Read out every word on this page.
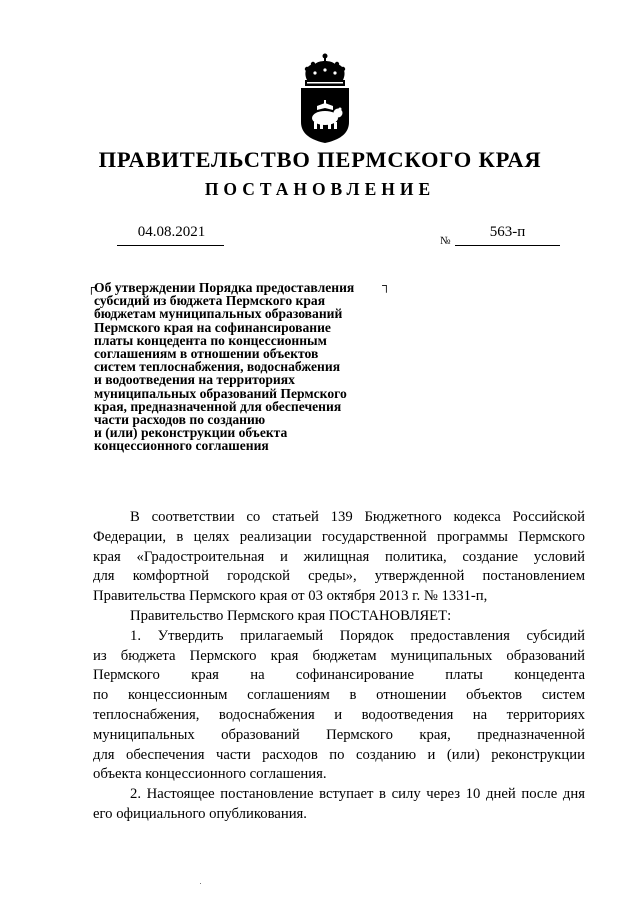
ПРАВИТЕЛЬСТВО ПЕРМСКОГО КРАЯ
ПОСТАНОВЛЕНИЕ
04.08.2021
№
563-п
┌	┐
Об утверждении Порядка предоставления
субсидий из бюджета Пермского края
бюджетам муниципальных образований
Пермского края на софинансирование
платы концедента по концессионным
соглашениям в отношении объектов
систем теплоснабжения, водоснабжения
и водоотведения на территориях
муниципальных образований Пермского
края, предназначенной для обеспечения
части расходов по созданию
и (или) реконструкции объекта
концессионного соглашения
В соответствии со статьей 139 Бюджетного кодекса Российской
Федерации, в целях реализации государственной программы Пермского
края «Градостроительная и жилищная политика, создание условий
для комфортной городской среды», утвержденной постановлением
Правительства Пермского края от 03 октября 2013 г. № 1331-п,
Правительство Пермского края ПОСТАНОВЛЯЕТ:
1. Утвердить прилагаемый Порядок предоставления субсидий
из бюджета Пермского края бюджетам муниципальных образований
Пермского края на софинансирование платы концедента
по концессионным соглашениям в отношении объектов систем
теплоснабжения, водоснабжения и водоотведения на территориях
муниципальных образований Пермского края, предназначенной
для обеспечения части расходов по созданию и (или) реконструкции
объекта концессионного соглашения.
2. Настоящее постановление вступает в силу через 10 дней после дня
его официального опубликования.
